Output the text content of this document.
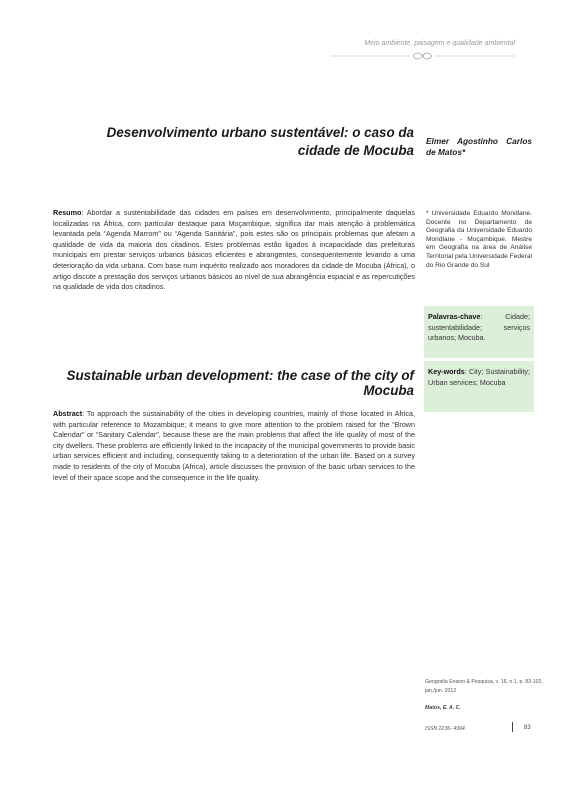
Meio ambiente, paisagem e qualidade ambiental
Desenvolvimento urbano sustentável: o caso da cidade de Mocuba
Elmer Agostinho Carlos de Matos*
* Universidade Eduardo Mondlane. Docente no Departamento de Geografia da Universidade Eduardo Mondlane - Moçambique. Mestre em Geografia na área de Análise Territorial pela Universidade Federal do Rio Grande do Sul
Resumo: Abordar a sustentabilidade das cidades em países em desenvolvimento, principalmente daquelas localizadas na África, com particular destaque para Moçambique, significa dar mais atenção à problemática levantada pela “Agenda Marrom” ou “Agenda Sanitária”, pois estes são os principais problemas que afetam a qualidade de vida da maioria dos citadinos. Estes problemas estão ligados à incapacidade das prefeituras municipais em prestar serviços urbanos básicos eficientes e abrangentes, consequentemente levando a uma deterioração da vida urbana. Com base num inquérito realizado aos moradores da cidade de Mocuba (África), o artigo discute a prestação dos serviços urbanos básicos ao nível de sua abrangência espacial e as repercutições na qualidade de vida dos citadinos.
Palavras-chave: Cidade; sustentabilidade; serviços urbanos; Mocuba.
Key-words: City; Sustainability; Urban services; Mocuba
Sustainable urban development: the case of the city of Mocuba
Abstract: To approach the sustainability of the cities in developing countries, mainly of those located in Africa, with particular reference to Mozambique; it means to give more attention to the problem raised for the “Brown Calendar” or “Sanitary Calendar”, because these are the main problems that affect the life quality of most of the city dwellers. These problems are efficiently linked to the incapacity of the municipal governments to provide basic urban services efficient and including, consequently taking to a deterioration of the urban life. Based on a survey made to residents of the city of Mocuba (Africa), article discusses the provision of the basic urban services to the level of their space scope and the consequence in the life quality.
Geografia Ensino & Pesquisa, v. 16, n.1, p. 83-102, jan./jun. 2012
Matos, E. A. C.
ISSN 2236- 4994	83
